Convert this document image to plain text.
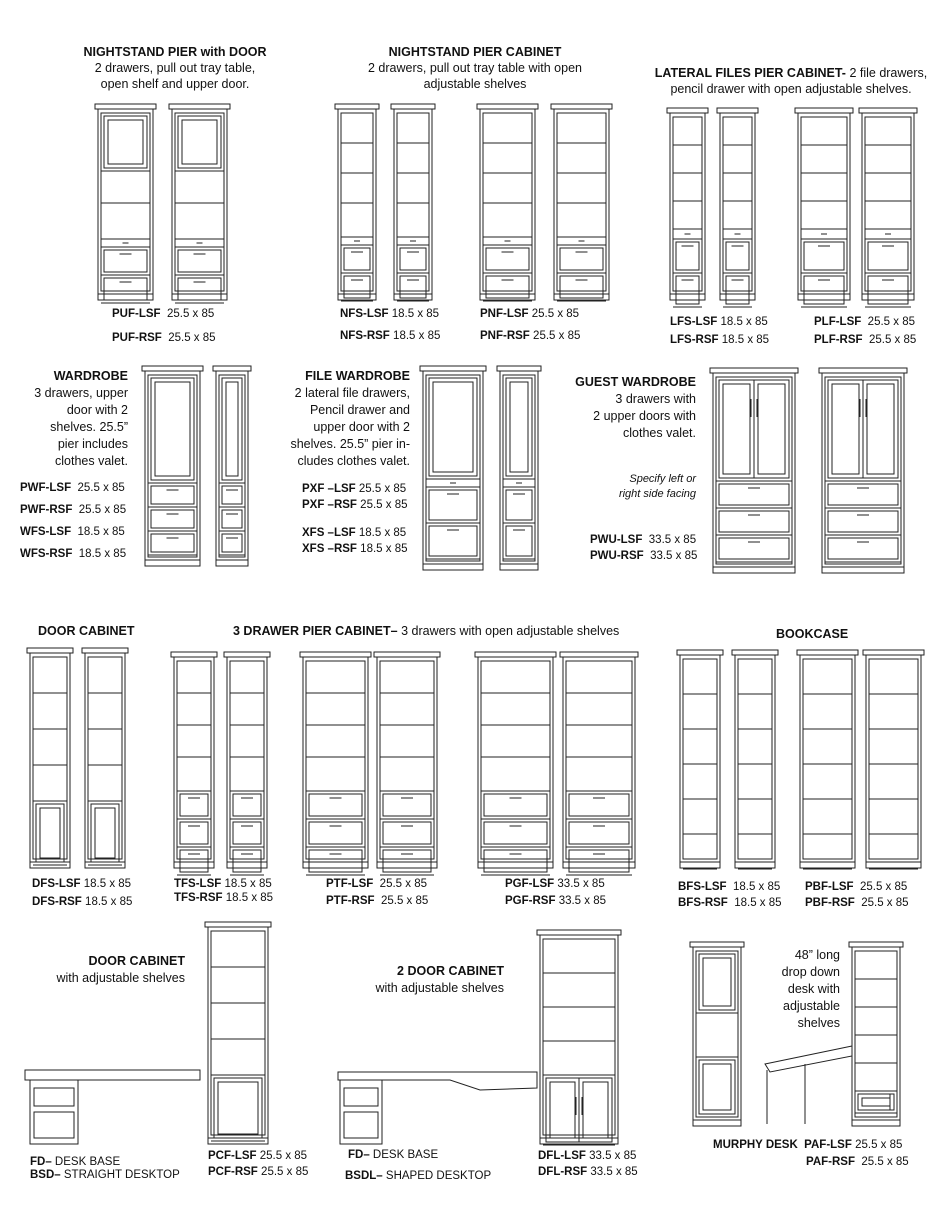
NIGHTSTAND PIER with DOOR
2 drawers, pull out tray table,
open shelf and upper door.
PUF-LSF 25.5 x 85
PUF-RSF 25.5 x 85
NIGHTSTAND PIER CABINET
2 drawers, pull out tray table with open
adjustable shelves
NFS-LSF 18.5 x 85
NFS-RSF 18.5 x 85
PNF-LSF 25.5 x 85
PNF-RSF 25.5 x 85
LATERAL FILES PIER CABINET- 2 file drawers,
pencil drawer with open adjustable shelves.
LFS-LSF 18.5 x 85
LFS-RSF 18.5 x 85
PLF-LSF 25.5 x 85
PLF-RSF 25.5 x 85
WARDROBE
3 drawers, upper
door with 2
shelves. 25.5”
pier includes
clothes valet.
PWF-LSF 25.5 x 85
PWF-RSF 25.5 x 85
WFS-LSF 18.5 x 85
WFS-RSF 18.5 x 85
FILE WARDROBE
2 lateral file drawers,
Pencil drawer and
upper door with 2
shelves. 25.5” pier in-
cludes clothes valet.
PXF –LSF 25.5 x 85
PXF –RSF 25.5 x 85
XFS –LSF 18.5 x 85
XFS –RSF 18.5 x 85
GUEST WARDROBE
3 drawers with
2 upper doors with
clothes valet.
Specify left or
right side facing
PWU-LSF 33.5 x 85
PWU-RSF 33.5 x 85
DOOR CABINET
DFS-LSF 18.5 x 85
DFS-RSF 18.5 x 85
3 DRAWER PIER CABINET– 3 drawers with open adjustable shelves
TFS-LSF 18.5 x 85
TFS-RSF 18.5 x 85
PTF-LSF 25.5 x 85
PTF-RSF 25.5 x 85
PGF-LSF 33.5 x 85
PGF-RSF 33.5 x 85
BOOKCASE
BFS-LSF 18.5 x 85
BFS-RSF 18.5 x 85
PBF-LSF 25.5 x 85
PBF-RSF 25.5 x 85
DOOR CABINET
with adjustable shelves
FD– DESK BASE
BSD– STRAIGHT DESKTOP
PCF-LSF 25.5 x 85
PCF-RSF 25.5 x 85
2 DOOR CABINET
with adjustable shelves
FD– DESK BASE
BSDL– SHAPED DESKTOP
DFL-LSF 33.5 x 85
DFL-RSF 33.5 x 85
48” long
drop down
desk with
adjustable
shelves
MURPHY DESK PAF-LSF 25.5 x 85
PAF-RSF 25.5 x 85
